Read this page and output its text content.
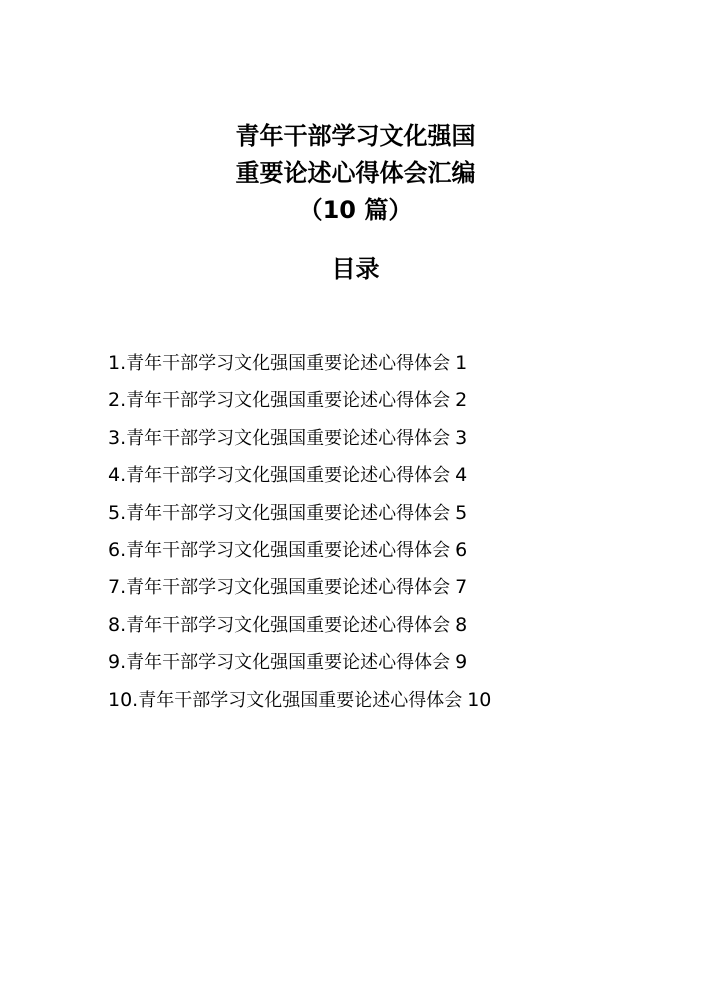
青年干部学习文化强国

重要论述心得体会汇编

（10 篇）

目录

1.青年干部学习文化强国重要论述心得体会 1
2.青年干部学习文化强国重要论述心得体会 2
3.青年干部学习文化强国重要论述心得体会 3
4.青年干部学习文化强国重要论述心得体会 4
5.青年干部学习文化强国重要论述心得体会 5
6.青年干部学习文化强国重要论述心得体会 6
7.青年干部学习文化强国重要论述心得体会 7
8.青年干部学习文化强国重要论述心得体会 8
9.青年干部学习文化强国重要论述心得体会 9
10.青年干部学习文化强国重要论述心得体会 10
